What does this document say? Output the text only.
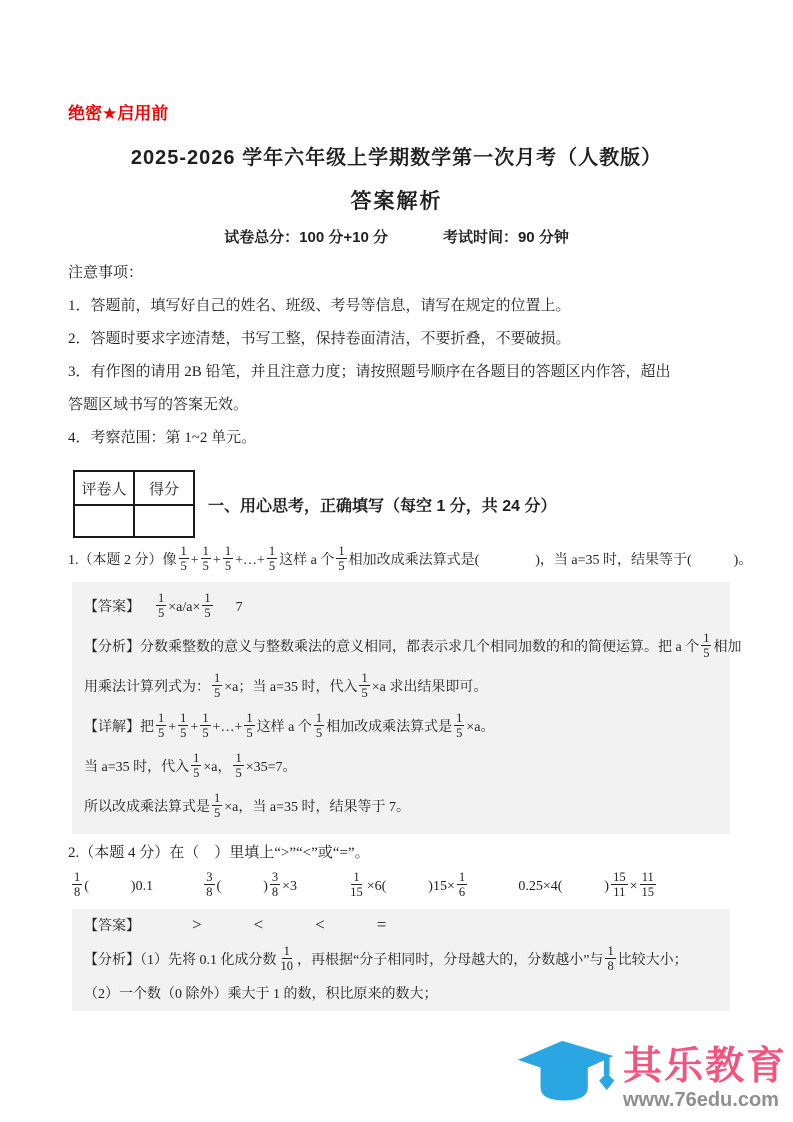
绝密★启用前
2025-2026 学年六年级上学期数学第一次月考（人教版）
答案解析
试卷总分：100 分+10 分	考试时间：90 分钟
注意事项：
1．答题前，填写好自己的姓名、班级、考号等信息，请写在规定的位置上。
2．答题时要求字迹清楚，书写工整，保持卷面清洁，不要折叠，不要破损。
3．有作图的请用 2B 铅笔，并且注意力度；请按照题号顺序在各题目的答题区内作答，超出
答题区域书写的答案无效。
4．考察范围：第 1~2 单元。
评卷人	得分

一、用心思考，正确填写（每空 1 分，共 24 分）
1.（本题 2 分）像 $\frac{1}{5} + \frac{1}{5} + \frac{1}{5}$ +…+ $\frac{1}{5}$ 这样 a 个 $\frac{1}{5}$ 相加改成乘法算式是(　　　　)，当 a=35 时，结果等于(　　　)。
【答案】 $\frac{1}{5} \times a/a\times \frac{1}{5} 7$
【分析】分数乘整数的意义与整数乘法的意义相同，都表示求几个相同加数的和的简便运算。把 a 个 $\frac{1}{5}$ 相加
用乘法计算列式为： $\frac{1}{5} \times a$；当 a=35 时，代入 $\frac{1}{5} \times a$ 求出结果即可。
【详解】把 $\frac{1}{5} + \frac{1}{5} + \frac{1}{5}$ +…+ $\frac{1}{5}$ 这样 a 个 $\frac{1}{5}$ 相加改成乘法算式是 $\frac{1}{5} \times a$。
当 a=35 时，代入 $\frac{1}{5} \times a$， $\frac{1}{5} \times 35=7$。
所以改成乘法算式是 $\frac{1}{5} \times a$，当 a=35 时，结果等于 7。
2.（本题 4 分）在（　）里填上“>”“<”或“=”。
$\frac{1}{8}$ (　　　)0.1	$\frac{3}{8}$ (　　　) $\frac{3}{8} \times 3$	$\frac{1}{15} \times 6$(　　　)$15\times \frac{1}{6}$	0.25×4(　　　) $\frac{15}{11} \times \frac{11}{15}$
【答案】	>	<	<	=
【分析】（1）先将 0.1 化成分数 $\frac{1}{10}$ ，再根据“分子相同时，分母越大的，分数越小”与 $\frac{1}{8}$ 比较大小；
（2）一个数（0 除外）乘大于 1 的数，积比原来的数大；
其乐教育
www.76edu.com
